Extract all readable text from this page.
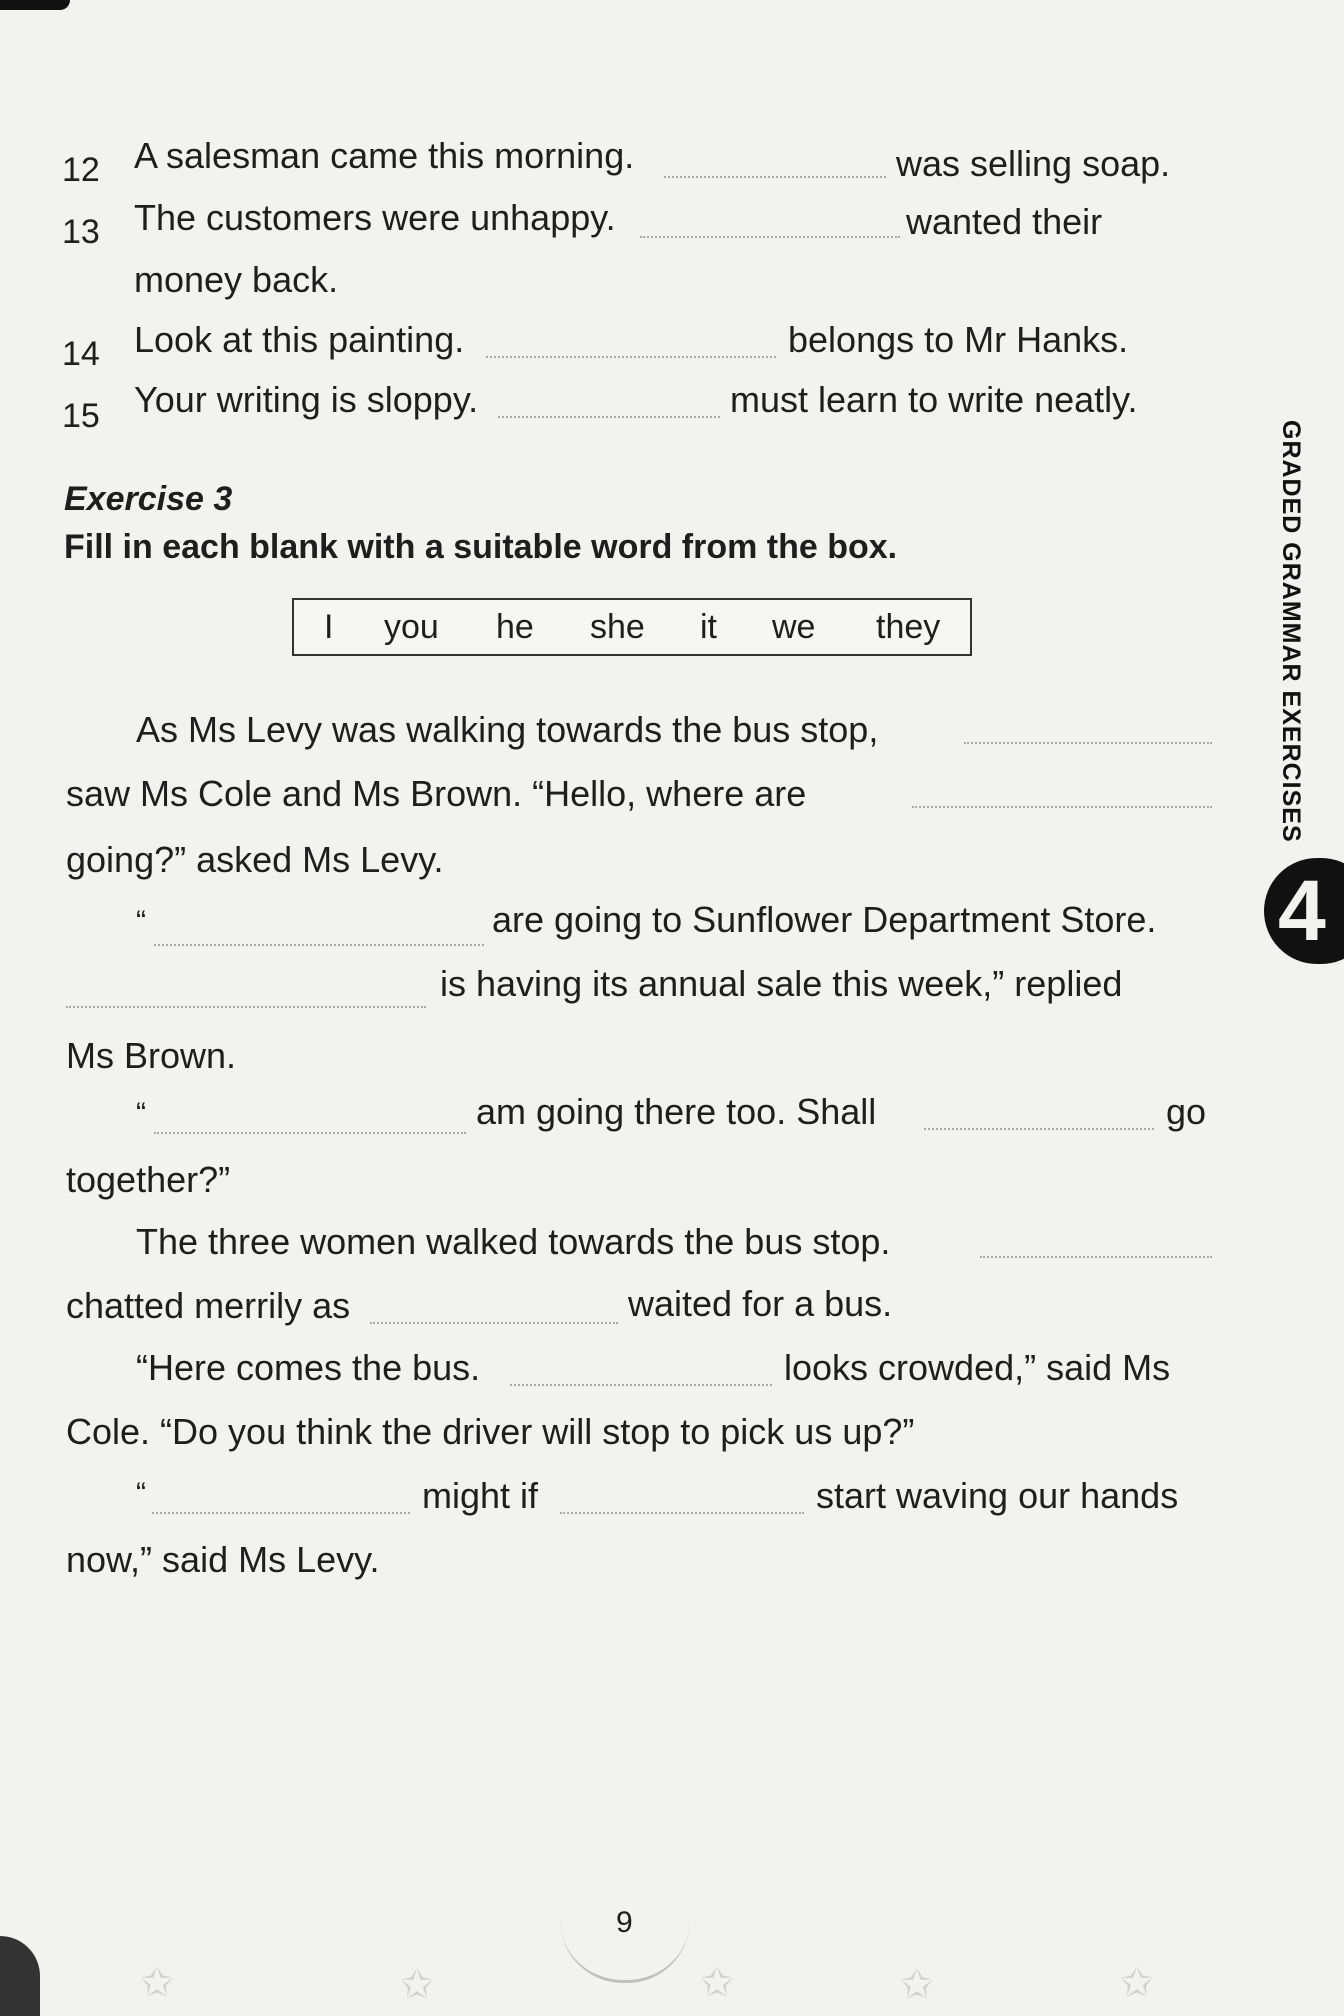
12 A salesman came this morning.	was selling soap.
13 The customers were unhappy.	wanted their
money back.
14 Look at this painting.	belongs to Mr Hanks.
15 Your writing is sloppy.	must learn to write neatly.
Exercise 3
Fill in each blank with a suitable word from the box.
I you he she it we they
As Ms Levy was walking towards the bus stop,
saw Ms Cole and Ms Brown. “Hello, where are
going?” asked Ms Levy.
“	are going to Sunflower Department Store.
is having its annual sale this week,” replied
Ms Brown.
“	am going there too. Shall	go
together?”
The three women walked towards the bus stop.
chatted merrily as	waited for a bus.
“Here comes the bus.	looks crowded,” said Ms
Cole. “Do you think the driver will stop to pick us up?”
“	might if	start waving our hands
now,” said Ms Levy.
GRADED GRAMMAR EXERCISES
4
9
✩	✩	✩	✩	✩
